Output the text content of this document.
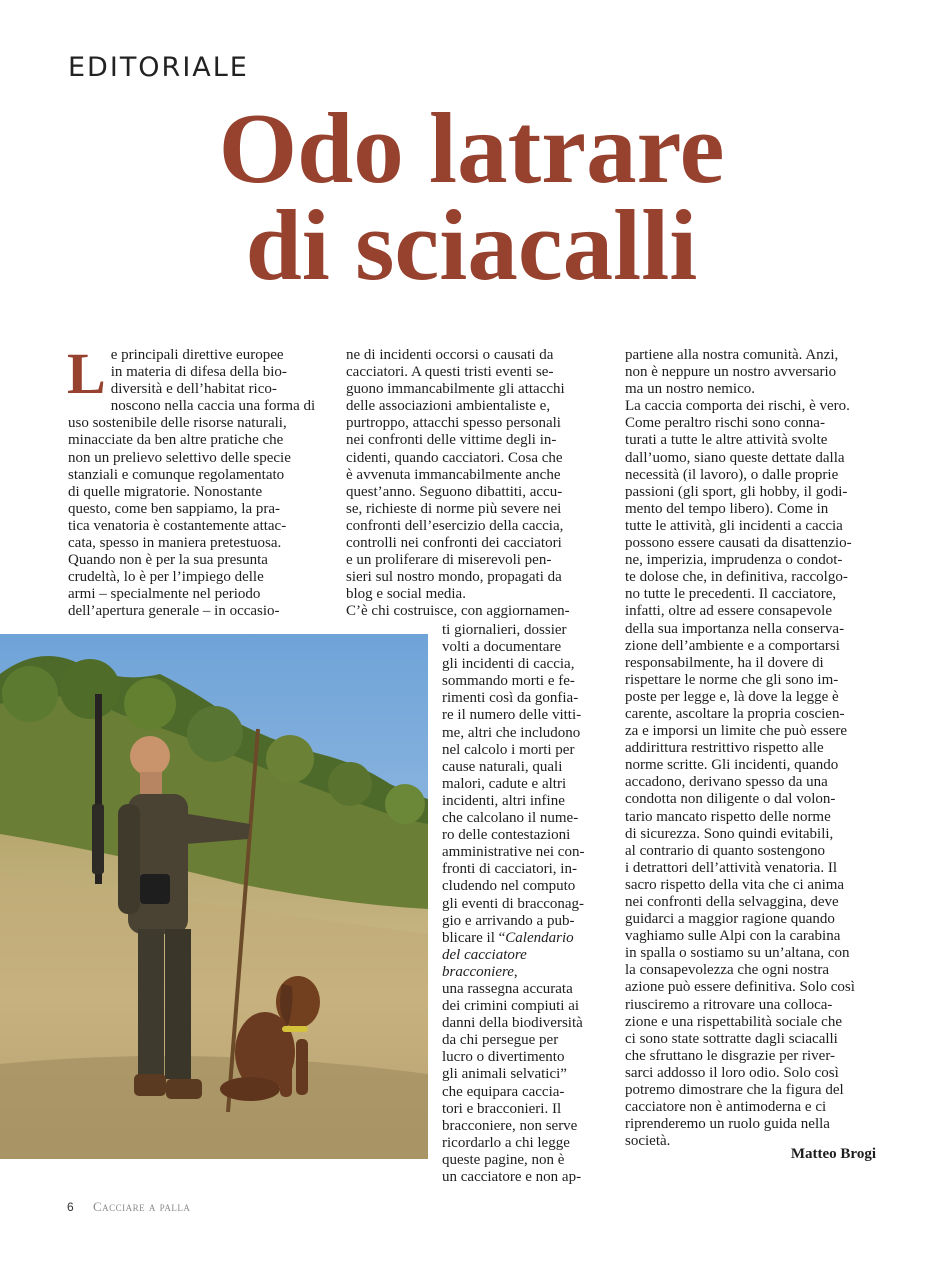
EDITORIALE
Odo latrare
di sciacalli
L e principali direttive europee
in materia di difesa della bio-
diversità e dell’habitat rico-
noscono nella caccia una forma di
uso sostenibile delle risorse naturali,
minacciate da ben altre pratiche che
non un prelievo selettivo delle specie
stanziali e comunque regolamentato
di quelle migratorie. Nonostante
questo, come ben sappiamo, la pra-
tica venatoria è costantemente attac-
cata, spesso in maniera pretestuosa.
Quando non è per la sua presunta
crudeltà, lo è per l’impiego delle
armi – specialmente nel periodo
dell’apertura generale – in occasio-

ne di incidenti occorsi o causati da
cacciatori. A questi tristi eventi se-
guono immancabilmente gli attacchi
delle associazioni ambientaliste e,
purtroppo, attacchi spesso personali
nei confronti delle vittime degli in-
cidenti, quando cacciatori. Cosa che
è avvenuta immancabilmente anche
quest’anno. Seguono dibattiti, accu-
se, richieste di norme più severe nei
confronti dell’esercizio della caccia,
controlli nei confronti dei cacciatori
e un proliferare di miserevoli pen-
sieri sul nostro mondo, propagati da
blog e social media.
C’è chi costruisce, con aggiornamen-

ti giornalieri, dossier
volti a documentare
gli incidenti di caccia,
sommando morti e fe-
rimenti così da gonfia-
re il numero delle vitti-
me, altri che includono
nel calcolo i morti per
cause naturali, quali
malori, cadute e altri
incidenti, altri infine
che calcolano il nume-
ro delle contestazioni
amministrative nei con-
fronti di cacciatori, in-
cludendo nel computo
gli eventi di bracconag-
gio e arrivando a pub-
blicare il “Calendario
del cacciatore bracconiere,
una rassegna accurata
dei crimini compiuti ai
danni della biodiversità
da chi persegue per
lucro o divertimento
gli animali selvatici”
che equipara caccia-
tori e bracconieri. Il
bracconiere, non serve
ricordarlo a chi legge
queste pagine, non è
un cacciatore e non ap-

partiene alla nostra comunità. Anzi,
non è neppure un nostro avversario
ma un nostro nemico.
La caccia comporta dei rischi, è vero.
Come peraltro rischi sono conna-
turati a tutte le altre attività svolte
dall’uomo, siano queste dettate dalla
necessità (il lavoro), o dalle proprie
passioni (gli sport, gli hobby, il godi-
mento del tempo libero). Come in
tutte le attività, gli incidenti a caccia
possono essere causati da disattenzio-
ne, imperizia, imprudenza o condot-
te dolose che, in definitiva, raccolgo-
no tutte le precedenti. Il cacciatore,
infatti, oltre ad essere consapevole
della sua importanza nella conserva-
zione dell’ambiente e a comportarsi
responsabilmente, ha il dovere di
rispettare le norme che gli sono im-
poste per legge e, là dove la legge è
carente, ascoltare la propria coscien-
za e imporsi un limite che può essere
addirittura restrittivo rispetto alle
norme scritte. Gli incidenti, quando
accadono, derivano spesso da una
condotta non diligente o dal volon-
tario mancato rispetto delle norme
di sicurezza. Sono quindi evitabili,
al contrario di quanto sostengono
i detrattori dell’attività venatoria. Il
sacro rispetto della vita che ci anima
nei confronti della selvaggina, deve
guidarci a maggior ragione quando
vaghiamo sulle Alpi con la carabina
in spalla o sostiamo su un’altana, con
la consapevolezza che ogni nostra
azione può essere definitiva. Solo così
riusciremo a ritrovare una colloca-
zione e una rispettabilità sociale che
ci sono state sottratte dagli sciacalli
che sfruttano le disgrazie per river-
sarci addosso il loro odio. Solo così
potremo dimostrare che la figura del
cacciatore non è antimoderna e ci
riprenderemo un ruolo guida nella
società.

Matteo Brogi
6 Cacciare a palla
